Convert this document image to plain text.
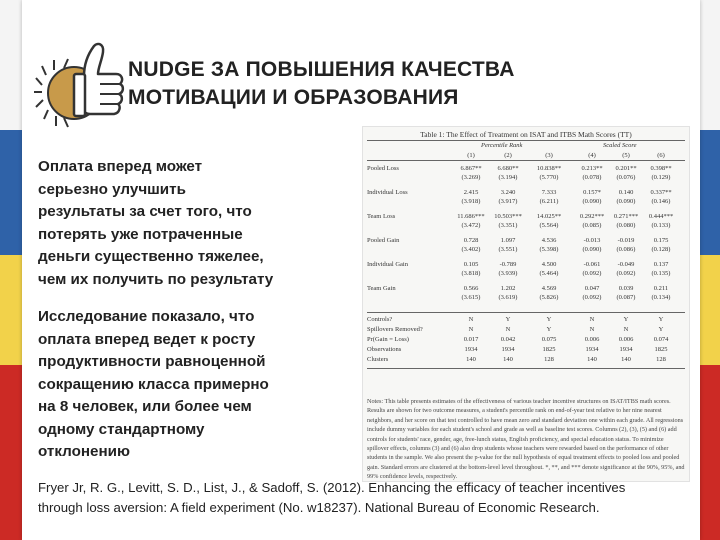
NUDGE ЗА ПОВЫШЕНИЯ КАЧЕСТВА
МОТИВАЦИИ И ОБРАЗОВАНИЯ
Оплата вперед может
серьезно улучшить
результаты за счет того, что
потерять уже потраченные
деньги существенно тяжелее,
чем их получить по результату
Исследование показало, что
оплата вперед ведет к росту
продуктивности равноценной
сокращению класса примерно
на 8 человек, или более чем
одному стандартному
отклонению
Table 1: The Effect of Treatment on ISAT and ITBS Math Scores (TT)
Percentile Rank	Scaled Score
(1)	(2)	(3)	(4)	(5)	(6)
Pooled Loss	6.867**	6.680**	10.838**	0.213**	0.201**	0.398**
(3.269)	(3.194)	(5.770)	(0.078)	(0.076)	(0.129)
Individual Loss	2.415	3.240	7.333	0.157*	0.140	0.337**
(3.918)	(3.917)	(6.211)	(0.090)	(0.090)	(0.146)
Team Loss	11.686***	10.503***	14.025**	0.292***	0.271***	0.444***
(3.472)	(3.351)	(5.564)	(0.085)	(0.080)	(0.133)
Pooled Gain	0.728	1.097	4.536	-0.013	-0.019	0.175
(3.402)	(3.551)	(5.398)	(0.090)	(0.086)	(0.128)
Individual Gain	0.105	-0.789	4.500	-0.061	-0.049	0.137
(3.818)	(3.939)	(5.464)	(0.092)	(0.092)	(0.135)
Team Gain	0.566	1.202	4.569	0.047	0.039	0.211
(3.615)	(3.619)	(5.826)	(0.092)	(0.087)	(0.134)
Controls?	N	Y	Y	N	Y	Y
Spillovers Removed?	N	N	Y	N	N	Y
Pr(Gain = Loss)	0.017	0.042	0.075	0.006	0.006	0.074
Observations	1934	1934	1825	1934	1934	1825
Clusters	140	140	128	140	140	128
Notes: This table presents estimates of the effectiveness of various teacher incentive structures on ISAT/ITBS math scores. Results are shown for two outcome measures, a student's percentile rank on end-of-year test relative to her nine nearest neighbors, and her score on that test controlled to have mean zero and standard deviation one within each grade. All regressions include dummy variables for each student's school and grade as well as baseline test scores. Columns (2), (3), (5) and (6) add controls for students' race, gender, age, free-lunch status, English proficiency, and special education status. To minimize spillover effects, columns (3) and (6) also drop students whose teachers were rewarded based on the performance of other students in the sample. We also present the p-value for the null hypothesis of equal treatment effects to pooled loss and pooled gain. Standard errors are clustered at the bottom-level level throughout. *, **, and *** denote significance at the 90%, 95%, and 99% confidence levels, respectively.
Fryer Jr, R. G., Levitt, S. D., List, J., & Sadoff, S. (2012). Enhancing the efficacy of teacher incentives
through loss aversion: A field experiment (No. w18237). National Bureau of Economic Research.
